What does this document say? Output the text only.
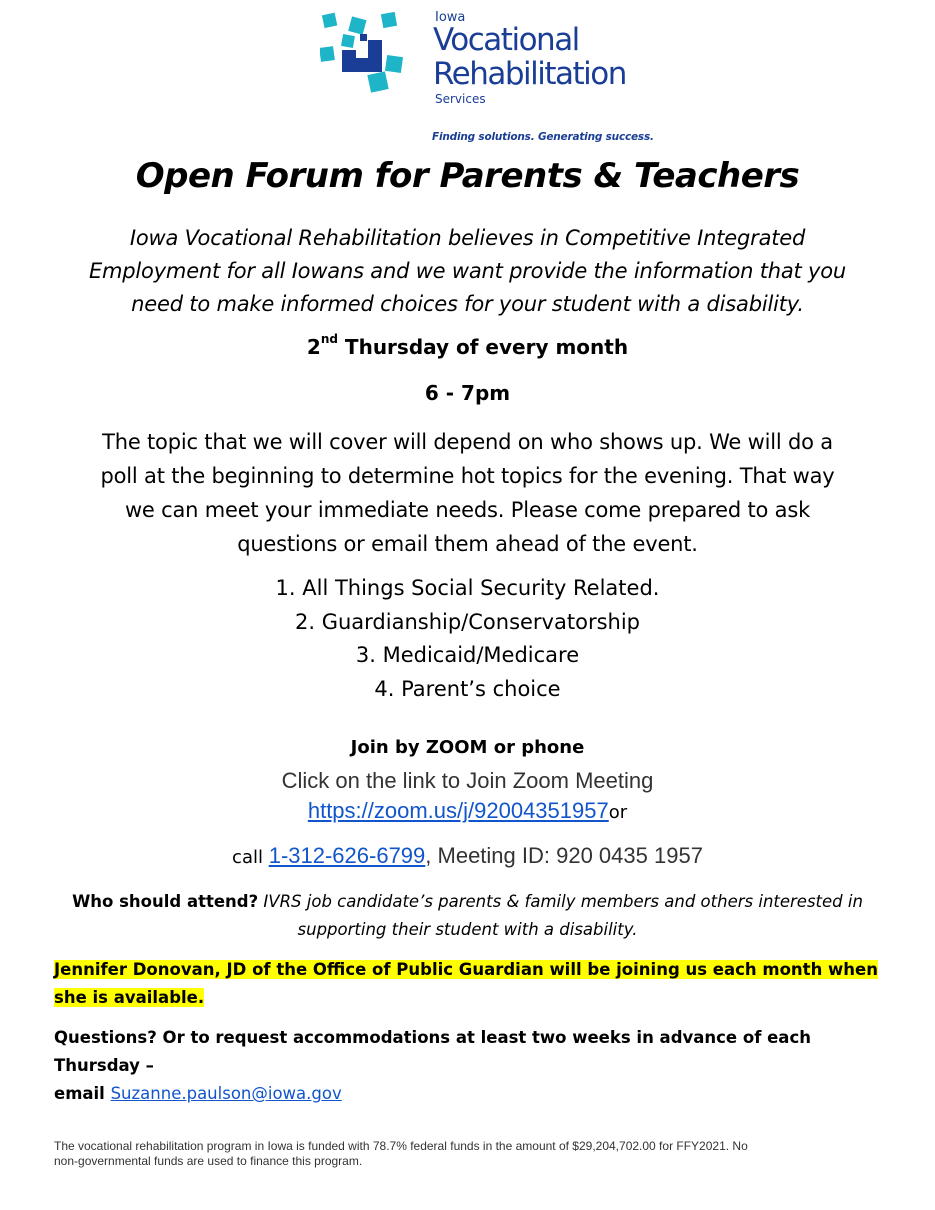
Iowa
Vocational
Rehabilitation
Services
Finding solutions. Generating success.
Open Forum for Parents & Teachers
Iowa Vocational Rehabilitation believes in Competitive Integrated
Employment for all Iowans and we want provide the information that you
need to make informed choices for your student with a disability.
2nd Thursday of every month
6 - 7pm
The topic that we will cover will depend on who shows up. We will do a
poll at the beginning to determine hot topics for the evening. That way
we can meet your immediate needs. Please come prepared to ask
questions or email them ahead of the event.
1. All Things Social Security Related.
2. Guardianship/Conservatorship
3. Medicaid/Medicare
4. Parent’s choice
Join by ZOOM or phone
Click on the link to Join Zoom Meeting
https://zoom.us/j/92004351957or
call 1-312-626-6799, Meeting ID: 920 0435 1957
Who should attend? IVRS job candidate’s parents & family members and others interested in
supporting their student with a disability.
Jennifer Donovan, JD of the Office of Public Guardian will be joining us each month when
she is available.
Questions? Or to request accommodations at least two weeks in advance of each Thursday –
email Suzanne.paulson@iowa.gov
The vocational rehabilitation program in Iowa is funded with 78.7% federal funds in the amount of $29,204,702.00 for FFY2021. No
non-governmental funds are used to finance this program.
